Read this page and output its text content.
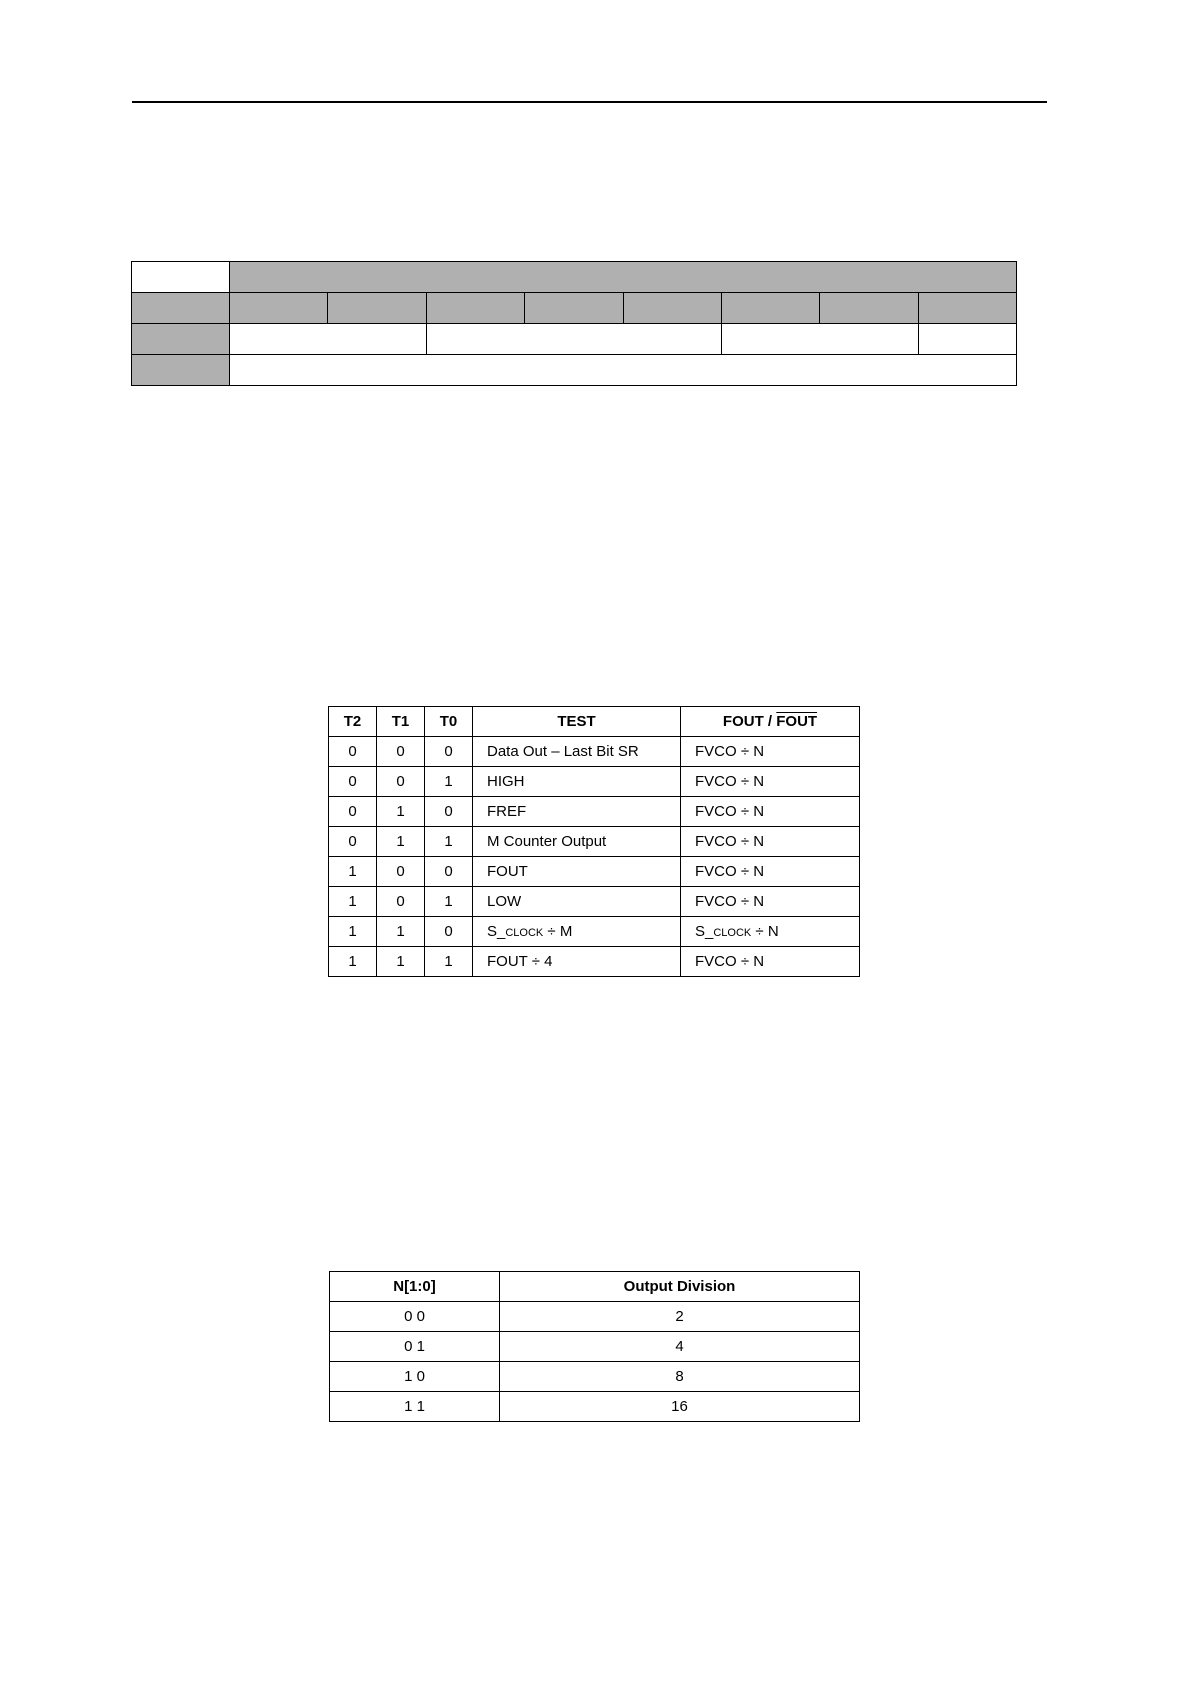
T2	T1	T0	TEST	FOUT / FOUT
0	0	0	Data Out – Last Bit SR	FVCO ÷ N
0	0	1	HIGH	FVCO ÷ N
0	1	0	FREF	FVCO ÷ N
0	1	1	M Counter Output	FVCO ÷ N
1	0	0	FOUT	FVCO ÷ N
1	0	1	LOW	FVCO ÷ N
1	1	0	S_CLOCK ÷ M	S_CLOCK ÷ N
1	1	1	FOUT ÷ 4	FVCO ÷ N
N[1:0]	Output Division
0 0	2
0 1	4
1 0	8
1 1	16
